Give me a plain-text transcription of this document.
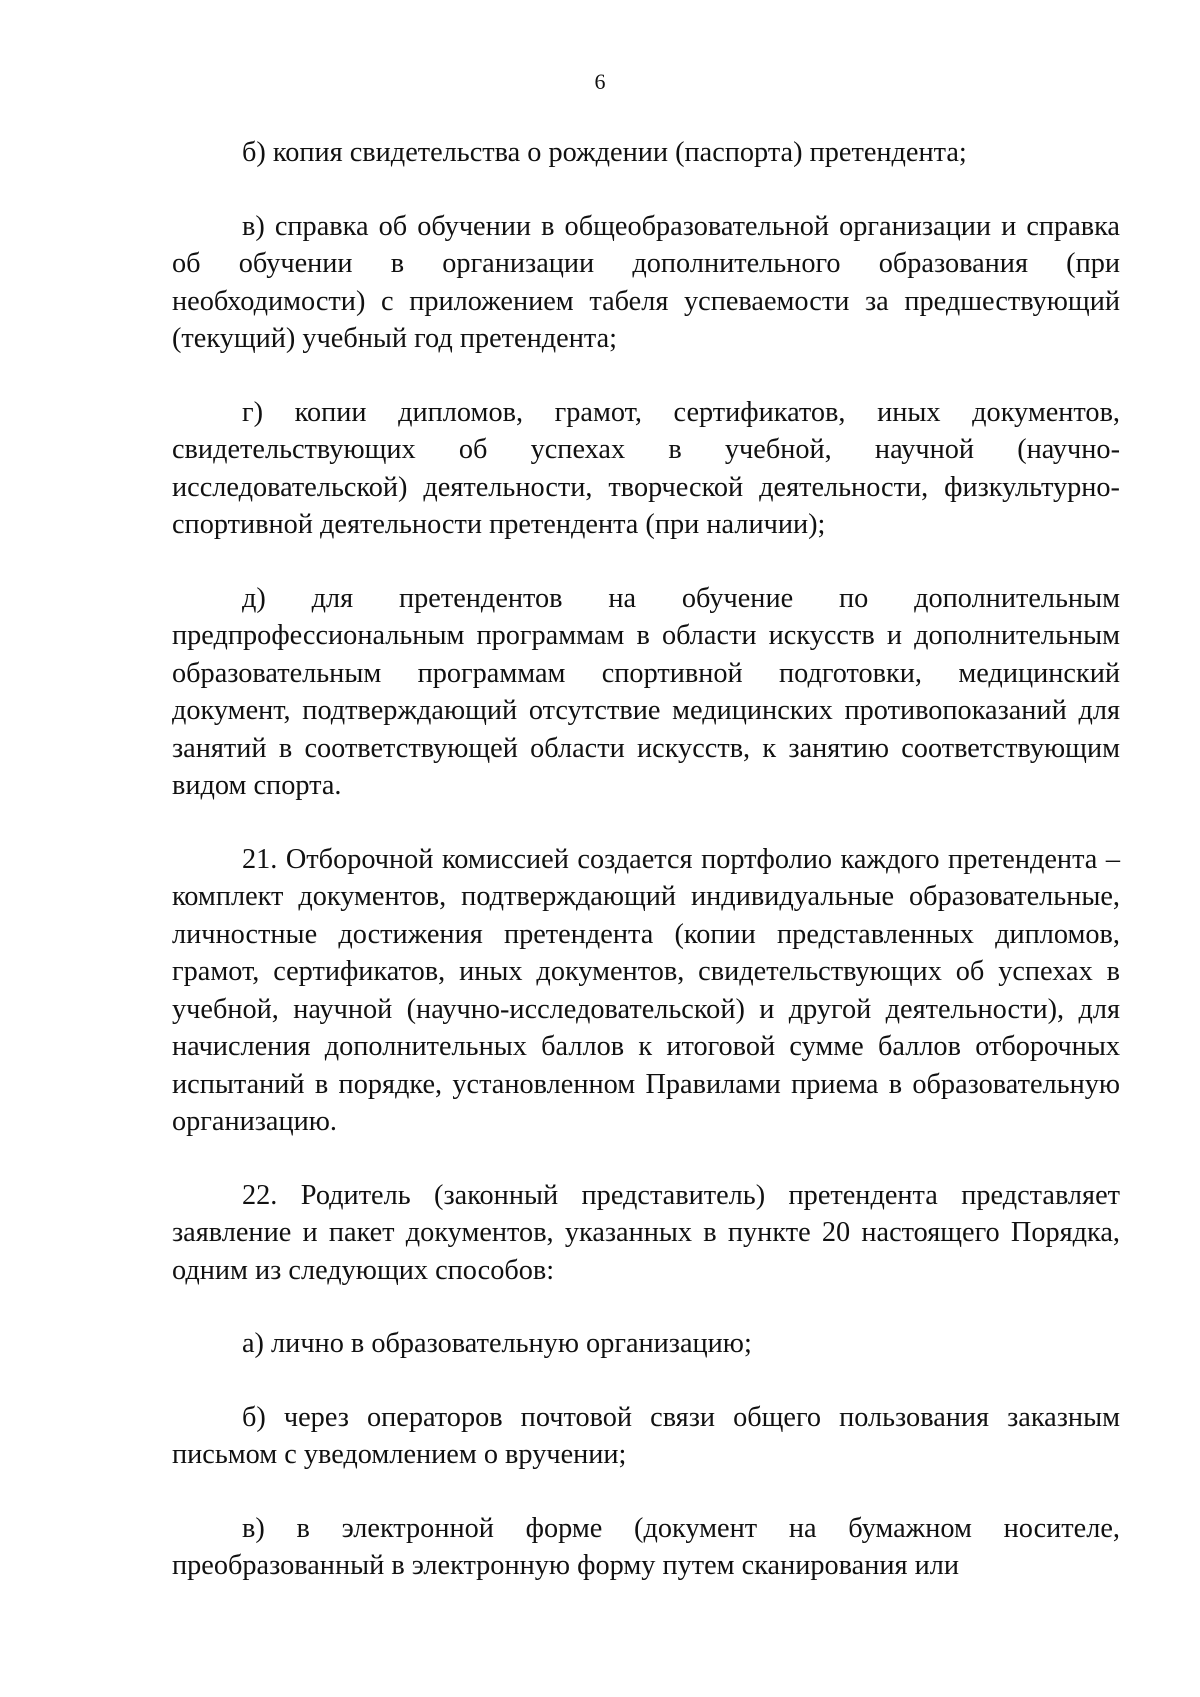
6

б) копия свидетельства о рождении (паспорта) претендента;

в) справка об обучении в общеобразовательной организации и справка об обучении в организации дополнительного образования (при необходимости) с приложением табеля успеваемости за предшествующий (текущий) учебный год претендента;

г) копии дипломов, грамот, сертификатов, иных документов, свидетельствующих об успехах в учебной, научной (научно-исследовательской) деятельности, творческой деятельности, физкультурно-спортивной деятельности претендента (при наличии);

д) для претендентов на обучение по дополнительным предпрофессиональным программам в области искусств и дополнительным образовательным программам спортивной подготовки, медицинский документ, подтверждающий отсутствие медицинских противопоказаний для занятий в соответствующей области искусств, к занятию соответствующим видом спорта.

21. Отборочной комиссией создается портфолио каждого претендента – комплект документов, подтверждающий индивидуальные образовательные, личностные достижения претендента (копии представленных дипломов, грамот, сертификатов, иных документов, свидетельствующих об успехах в учебной, научной (научно-исследовательской) и другой деятельности), для начисления дополнительных баллов к итоговой сумме баллов отборочных испытаний в порядке, установленном Правилами приема в образовательную организацию.

22. Родитель (законный представитель) претендента представляет заявление и пакет документов, указанных в пункте 20 настоящего Порядка, одним из следующих способов:

а) лично в образовательную организацию;

б) через операторов почтовой связи общего пользования заказным письмом с уведомлением о вручении;

в) в электронной форме (документ на бумажном носителе, преобразованный в электронную форму путем сканирования или
